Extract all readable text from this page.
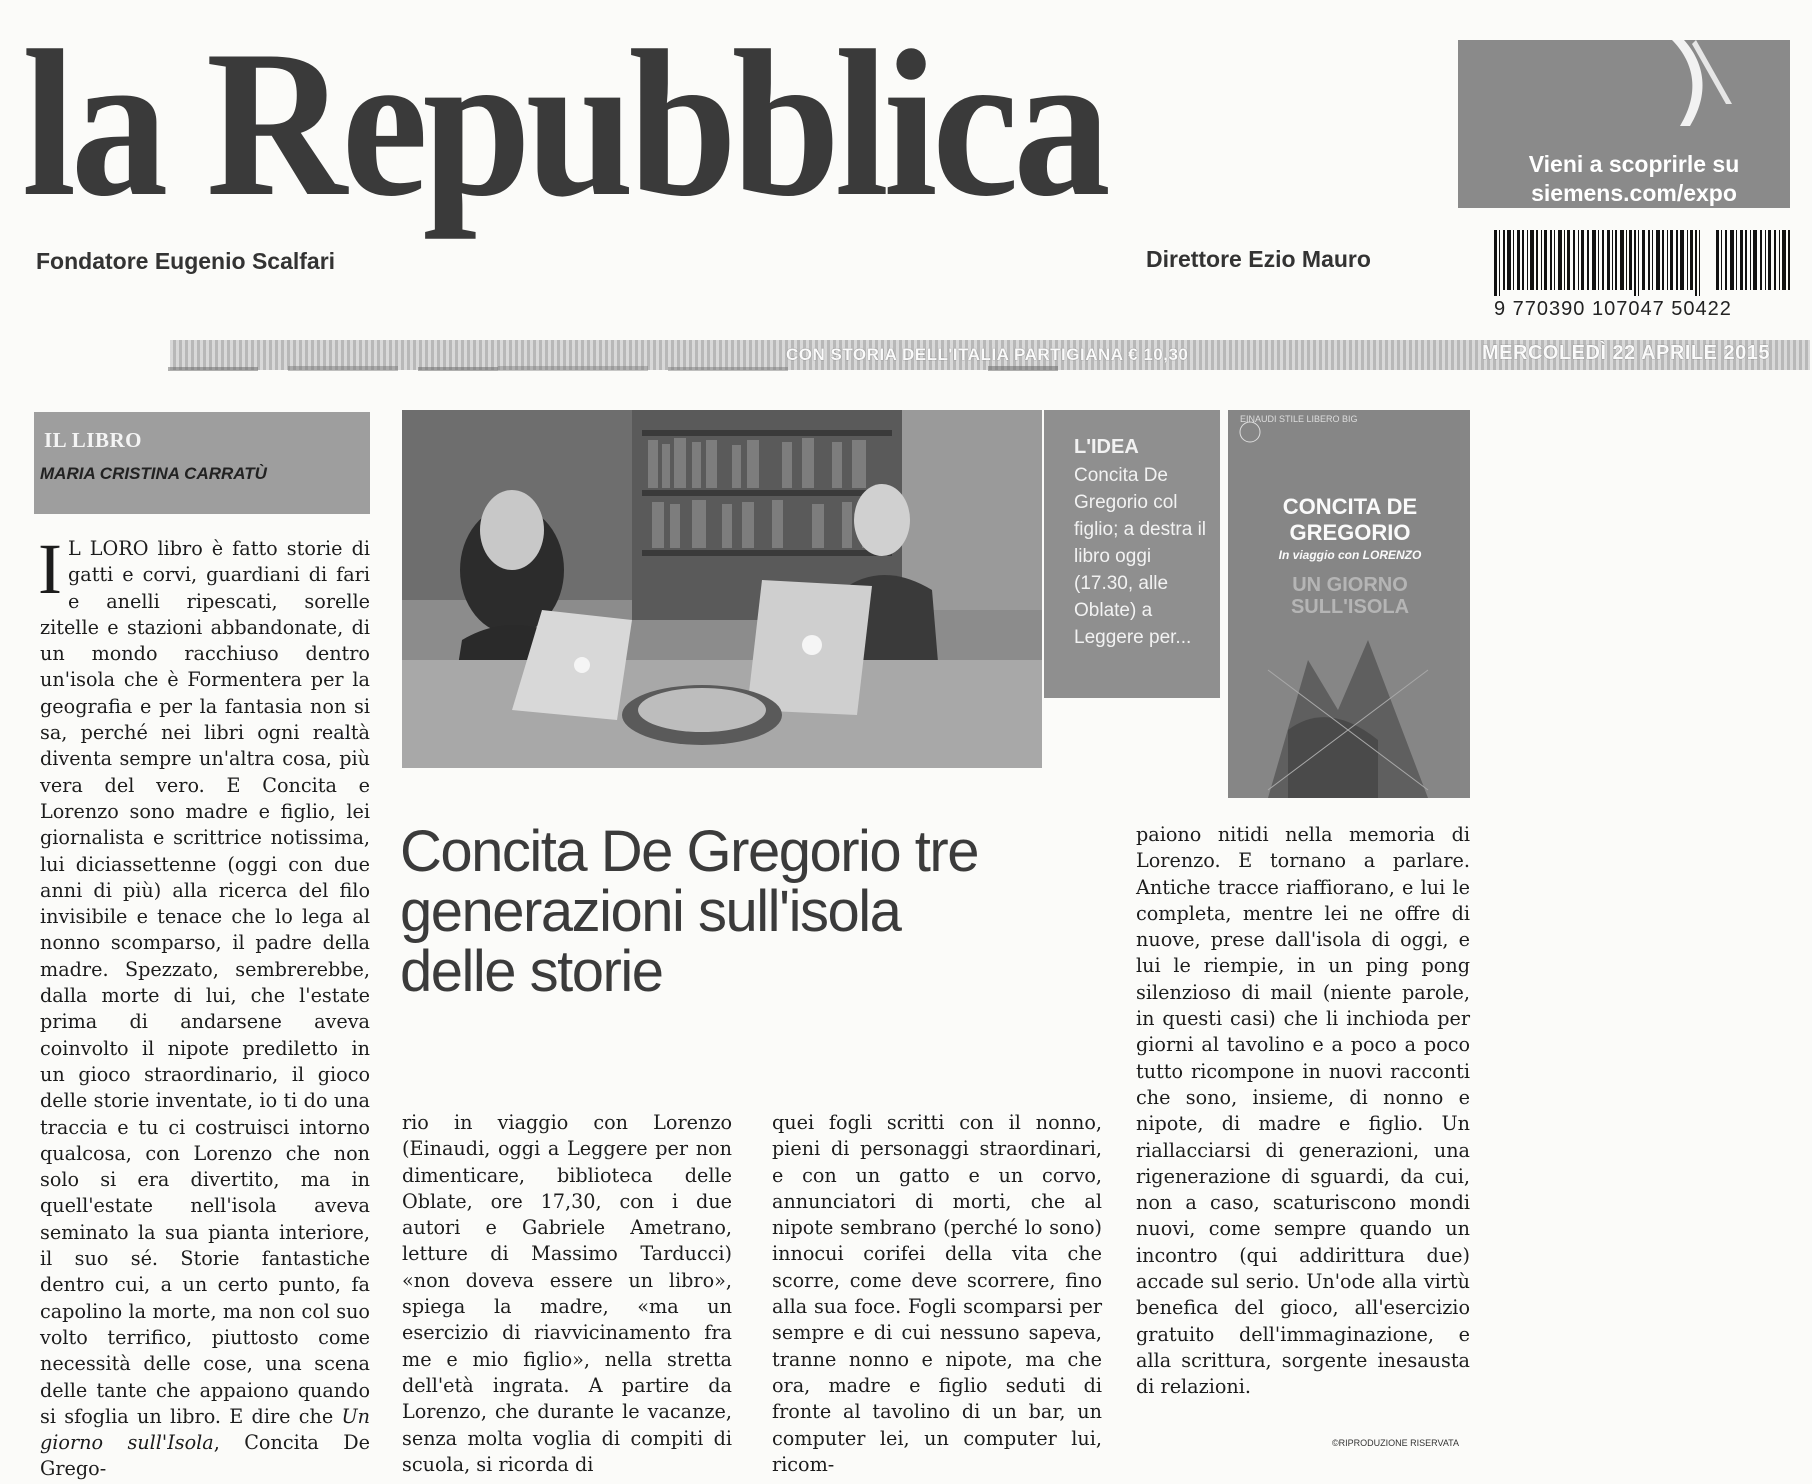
la Repubblica
Fondatore Eugenio Scalfari	Direttore Ezio Mauro
Vieni a scoprirle su siemens.com/expo
9 770390 107047 50422
CON STORIA DELL'ITALIA PARTIGIANA € 10,30	MERCOLEDÌ 22 APRILE 2015
IL LIBRO
MARIA CRISTINA CARRATÙ
L'IDEA
Concita De Gregorio col figlio; a destra il libro oggi (17.30, alle Oblate) a Leggere per...
EINAUDI STILE LIBERO BIG
CONCITA DE GREGORIO
In viaggio con LORENZO
UN GIORNO SULL'ISOLA
Concita De Gregorio tre generazioni sull'isola delle storie
I L LORO libro è fatto storie di gatti e corvi, guardiani di fari e anelli ripescati, sorelle zitelle e stazioni abbandonate, di un mondo racchiuso dentro un'isola che è Formentera per la geografia e per la fantasia non si sa, perché nei libri ogni realtà diventa sempre un'altra cosa, più vera del vero. E Concita e Lorenzo sono madre e figlio, lei giornalista e scrittrice notissima, lui diciassettenne (oggi con due anni di più) alla ricerca del filo invisibile e tenace che lo lega al nonno scomparso, il padre della madre. Spezzato, sembrerebbe, dalla morte di lui, che l'estate prima di andarsene aveva coinvolto il nipote prediletto in un gioco straordinario, il gioco delle storie inventate, io ti do una traccia e tu ci costruisci intorno qualcosa, con Lorenzo che non solo si era divertito, ma in quell'estate nell'isola aveva seminato la sua pianta interiore, il suo sé. Storie fantastiche dentro cui, a un certo punto, fa capolino la morte, ma non col suo volto terrifico, piuttosto come necessità delle cose, una scena delle tante che appaiono quando si sfoglia un libro. E dire che Un giorno sull'Isola, Concita De Grego-
rio in viaggio con Lorenzo (Einaudi, oggi a Leggere per non dimenticare, biblioteca delle Oblate, ore 17,30, con i due autori e Gabriele Ametrano, letture di Massimo Tarducci) «non doveva essere un libro», spiega la madre, «ma un esercizio di riavvicinamento fra me e mio figlio», nella stretta dell'età ingrata. A partire da Lorenzo, che durante le vacanze, senza molta voglia di compiti di scuola, si ricorda di
quei fogli scritti con il nonno, pieni di personaggi straordinari, e con un gatto e un corvo, annunciatori di morti, che al nipote sembrano (perché lo sono) innocui corifei della vita che scorre, come deve scorrere, fino alla sua foce. Fogli scomparsi per sempre e di cui nessuno sapeva, tranne nonno e nipote, ma che ora, madre e figlio seduti di fronte al tavolino di un bar, un computer lei, un computer lui, ricom-
paiono nitidi nella memoria di Lorenzo. E tornano a parlare. Antiche tracce riaffiorano, e lui le completa, mentre lei ne offre di nuove, prese dall'isola di oggi, e lui le riempie, in un ping pong silenzioso di mail (niente parole, in questi casi) che li inchioda per giorni al tavolino e a poco a poco tutto ricompone in nuovi racconti che sono, insieme, di nonno e nipote, di madre e figlio. Un riallacciarsi di generazioni, una rigenerazione di sguardi, da cui, non a caso, scaturiscono mondi nuovi, come sempre quando un incontro (qui addirittura due) accade sul serio. Un'ode alla virtù benefica del gioco, all'esercizio gratuito dell'immaginazione, e alla scrittura, sorgente inesausta di relazioni.
©RIPRODUZIONE RISERVATA
